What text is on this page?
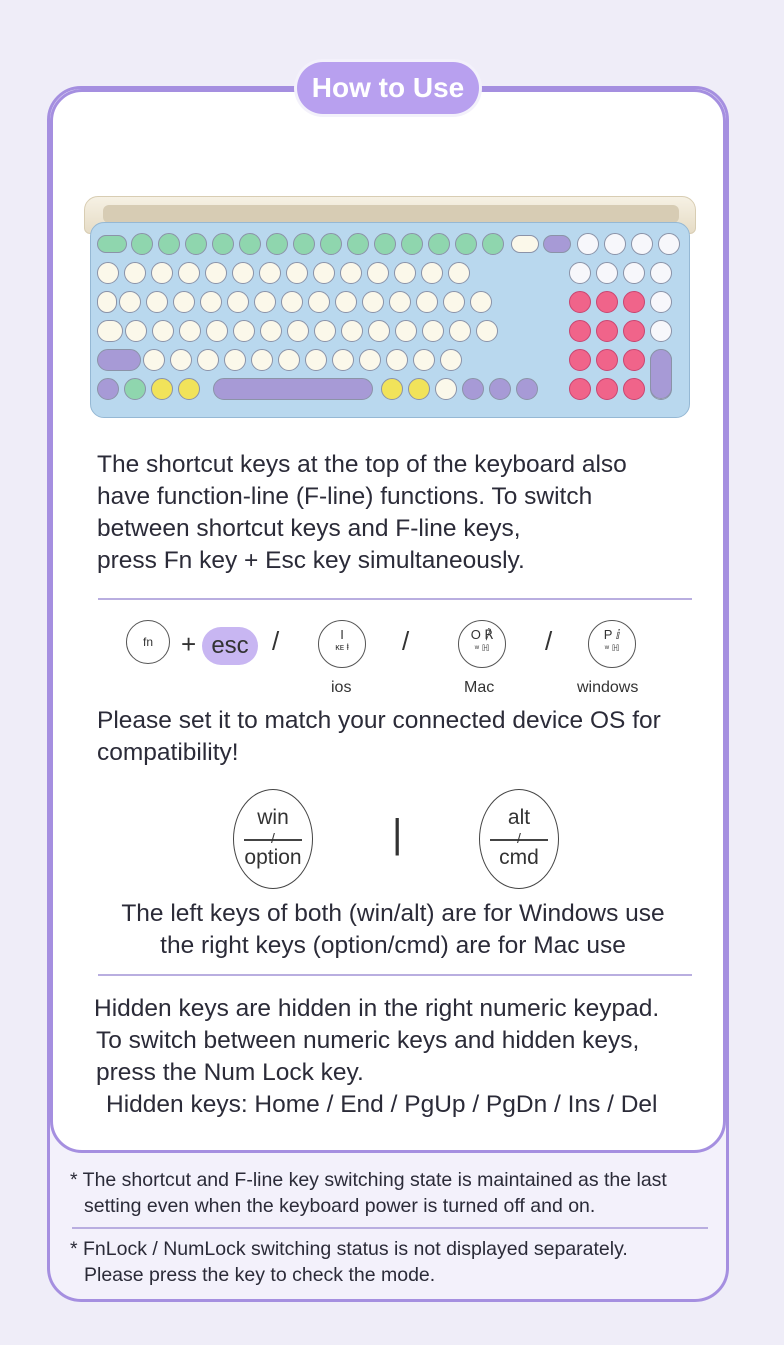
How to Use
The shortcut keys at the top of the keyboard also
have function-line (F-line) functions. To switch
between shortcut keys and F-line keys,
press Fn key + Esc key simultaneously.
fn	+ esc /	I
ᴋᴇ ⱡ	/	O ℟
ʷ ℍ	/	P ⅈ
ʷ ℍ
ios	Mac	windows
Please set it to match your connected device OS for
compatibility!
win
/
option
|	alt
/
cmd
The left keys of both (win/alt) are for Windows use
the right keys (option/cmd) are for Mac use
Hidden keys are hidden in the right numeric keypad.
To switch between numeric keys and hidden keys,
press the Num Lock key.
Hidden keys: Home / End / PgUp / PgDn / Ins / Del
* The shortcut and F-line key switching state is maintained as the last
setting even when the keyboard power is turned off and on.
* FnLock / NumLock switching status is not displayed separately.
Please press the key to check the mode.
